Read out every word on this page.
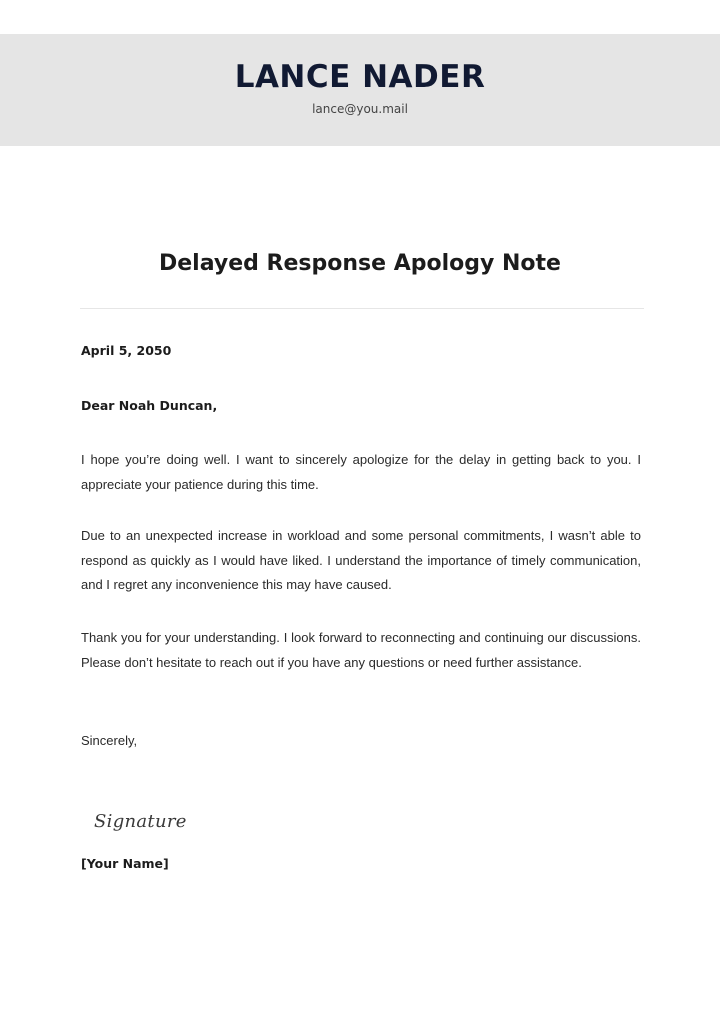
LANCE NADER
lance@you.mail
Delayed Response Apology Note
April 5, 2050
Dear Noah Duncan,

I hope you’re doing well. I want to sincerely apologize for the delay in getting back to you. I appreciate your patience during this time.

Due to an unexpected increase in workload and some personal commitments, I wasn’t able to respond as quickly as I would have liked. I understand the importance of timely communication, and I regret any inconvenience this may have caused.

Thank you for your understanding. I look forward to reconnecting and continuing our discussions. Please don’t hesitate to reach out if you have any questions or need further assistance.

Sincerely,
Signature
[Your Name]
